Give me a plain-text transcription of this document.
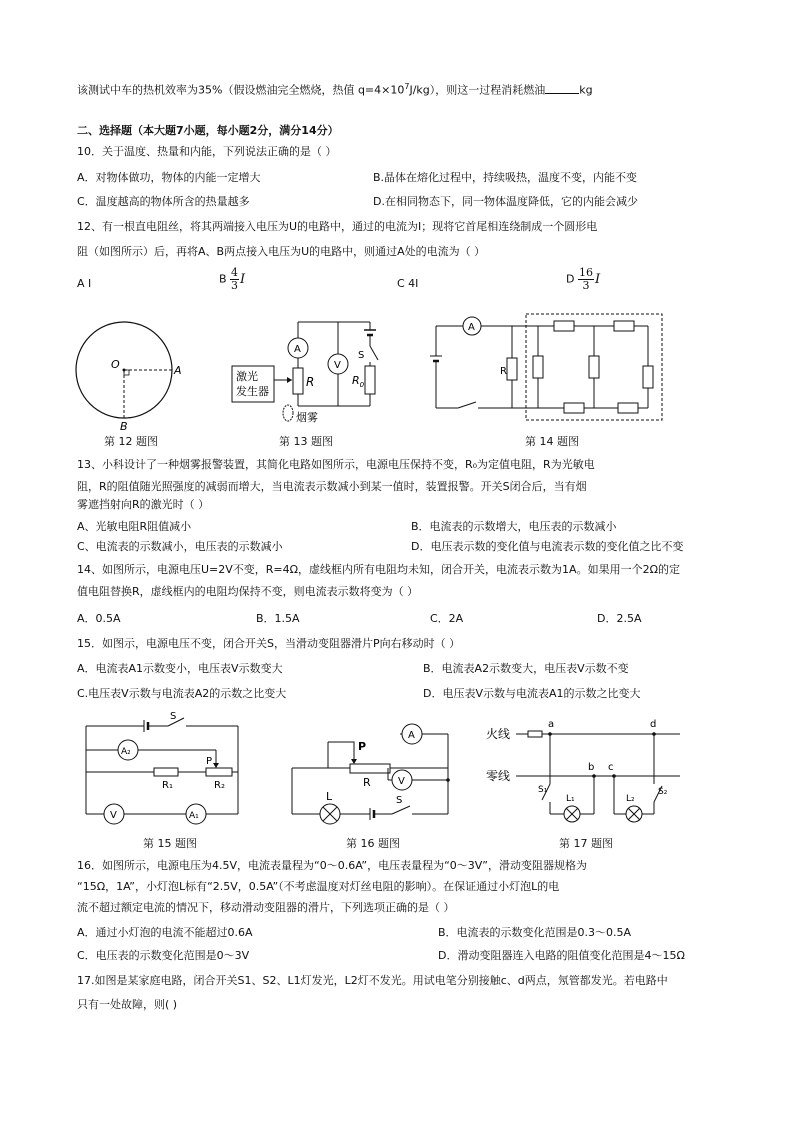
该测试中车的热机效率为35%（假设燃油完全燃烧，热值 $q=4\times 10^7J/kg$），则这一过程消耗燃油	kg
二、选择题（本大题7小题，每小题2分，满分14分）
10．关于温度、热量和内能，下列说法正确的是（ ）
A．对物体做功，物体的内能一定增大	B.晶体在熔化过程中，持续吸热，温度不变，内能不变
C．温度越高的物体所含的热量越多	D.在相同物态下，同一物体温度降低，它的内能会减少
12、有一根直电阻丝，将其两端接入电压为U的电路中，通过的电流为I；现将它首尾相连绕制成一个圆形电
阻（如图所示）后，再将A、B两点接入电压为U的电路中，则通过A处的电流为（ ）
A I	B $\frac{4}{3}$ I	C 4I	D $\frac{16}{3}$ I
O	A
B
第 12 题图
A
V
R	$R_0$
S
激光
发生器
烟雾
第 13 题图
A
R
第 14 题图
13、小科设计了一种烟雾报警装置，其简化电路如图所示，电源电压保持不变，R₀为定值电阻，R为光敏电
阻，R的阻值随光照强度的减弱而增大，当电流表示数减小到某一值时，装置报警。开关S闭合后，当有烟
雾遮挡射向R的激光时（ ）
A、光敏电阻R阻值减小	B．电流表的示数增大，电压表的示数减小
C、电流表的示数减小，电压表的示数减小	D．电压表示数的变化值与电流表示数的变化值之比不变
14、如图所示，电源电压U=2V不变，R=4Ω，虚线框内所有电阻均未知，闭合开关，电流表示数为1A。如果用一个2Ω的定
值电阻替换R，虚线框内的电阻均保持不变，则电流表示数将变为（ ）
A．0.5A	B．1.5A	C．2A	D．2.5A
15．如图示，电源电压不变，闭合开关S，当滑动变阻器滑片P向右移动时（ ）
A．电流表A1示数变小，电压表V示数变大	B．电流表A2示数变大，电压表V示数不变
C.电压表V示数与电流表A2的示数之比变大	D．电压表V示数与电流表A1的示数之比变大
S
A₂
P
R₁	R₂
V	A₁
第 15 题图
P
A
R	V
L	S
第 16 题图
火线
零线
a	d
b c
S₁
L₁	L₂
S₂
第 17 题图
16．如图所示，电源电压为4.5V，电流表量程为“0～0.6A”，电压表量程为“0～3V”，滑动变阻器规格为
“15Ω，1A”，小灯泡L标有“2.5V，0.5A”（不考虑温度对灯丝电阻的影响）。在保证通过小灯泡L的电
流不超过额定电流的情况下，移动滑动变阻器的滑片，下列选项正确的是（ ）
A．通过小灯泡的电流不能超过0.6A	B．电流表的示数变化范围是0.3～0.5A
C．电压表的示数变化范围是0～3V	D．滑动变阻器连入电路的阻值变化范围是4～15Ω
17.如图是某家庭电路，闭合开关S1、S2、L1灯发光，L2灯不发光。用试电笔分别接触c、d两点，氖管都发光。若电路中
只有一处故障，则( )
